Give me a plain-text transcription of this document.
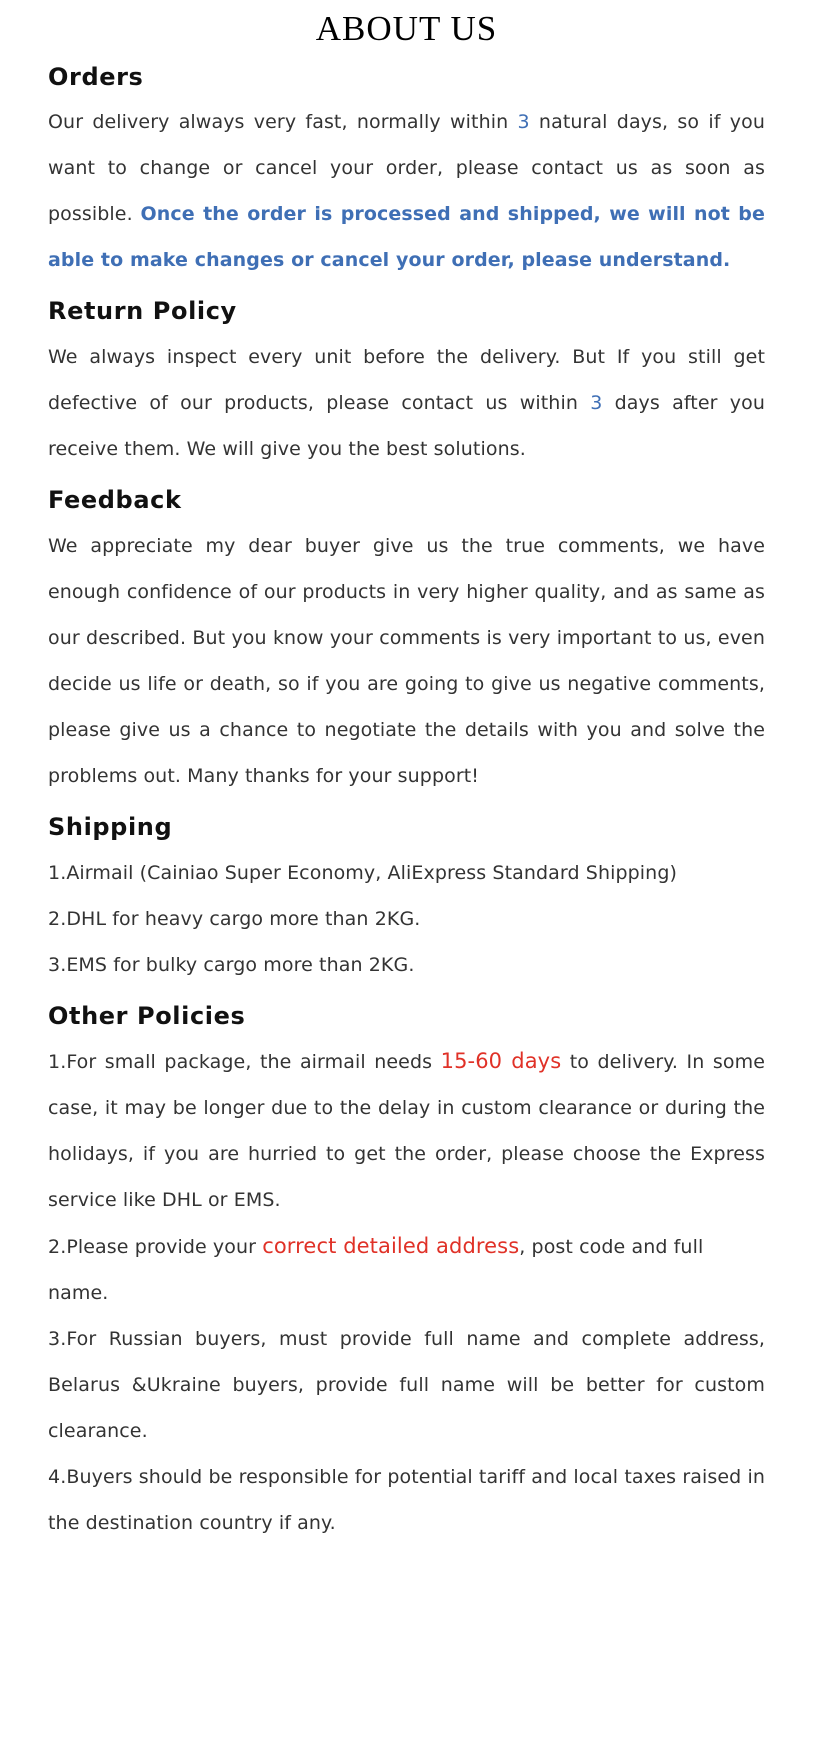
ABOUT US
Orders

Our delivery always very fast, normally within 3 natural days, so if you want to change or cancel your order, please contact us as soon as possible. Once the order is processed and shipped, we will not be able to make changes or cancel your order, please understand.

Return Policy

We always inspect every unit before the delivery. But If you still get defective of our products, please contact us within 3 days after you receive them. We will give you the best solutions.

Feedback

We appreciate my dear buyer give us the true comments, we have enough confidence of our products in very higher quality, and as same as our described. But you know your comments is very important to us, even decide us life or death, so if you are going to give us negative comments, please give us a chance to negotiate the details with you and solve the problems out. Many thanks for your support!

Shipping

1.Airmail (Cainiao Super Economy, AliExpress Standard Shipping)

2.DHL for heavy cargo more than 2KG.

3.EMS for bulky cargo more than 2KG.

Other Policies

1.For small package, the airmail needs 15-60 days to delivery. In some case, it may be longer due to the delay in custom clearance or during the holidays, if you are hurried to get the order, please choose the Express service like DHL or EMS.

2.Please provide your correct detailed address, post code and full name.

3.For Russian buyers, must provide full name and complete address, Belarus &Ukraine buyers, provide full name will be better for custom clearance.

4.Buyers should be responsible for potential tariff and local taxes raised in the destination country if any.
